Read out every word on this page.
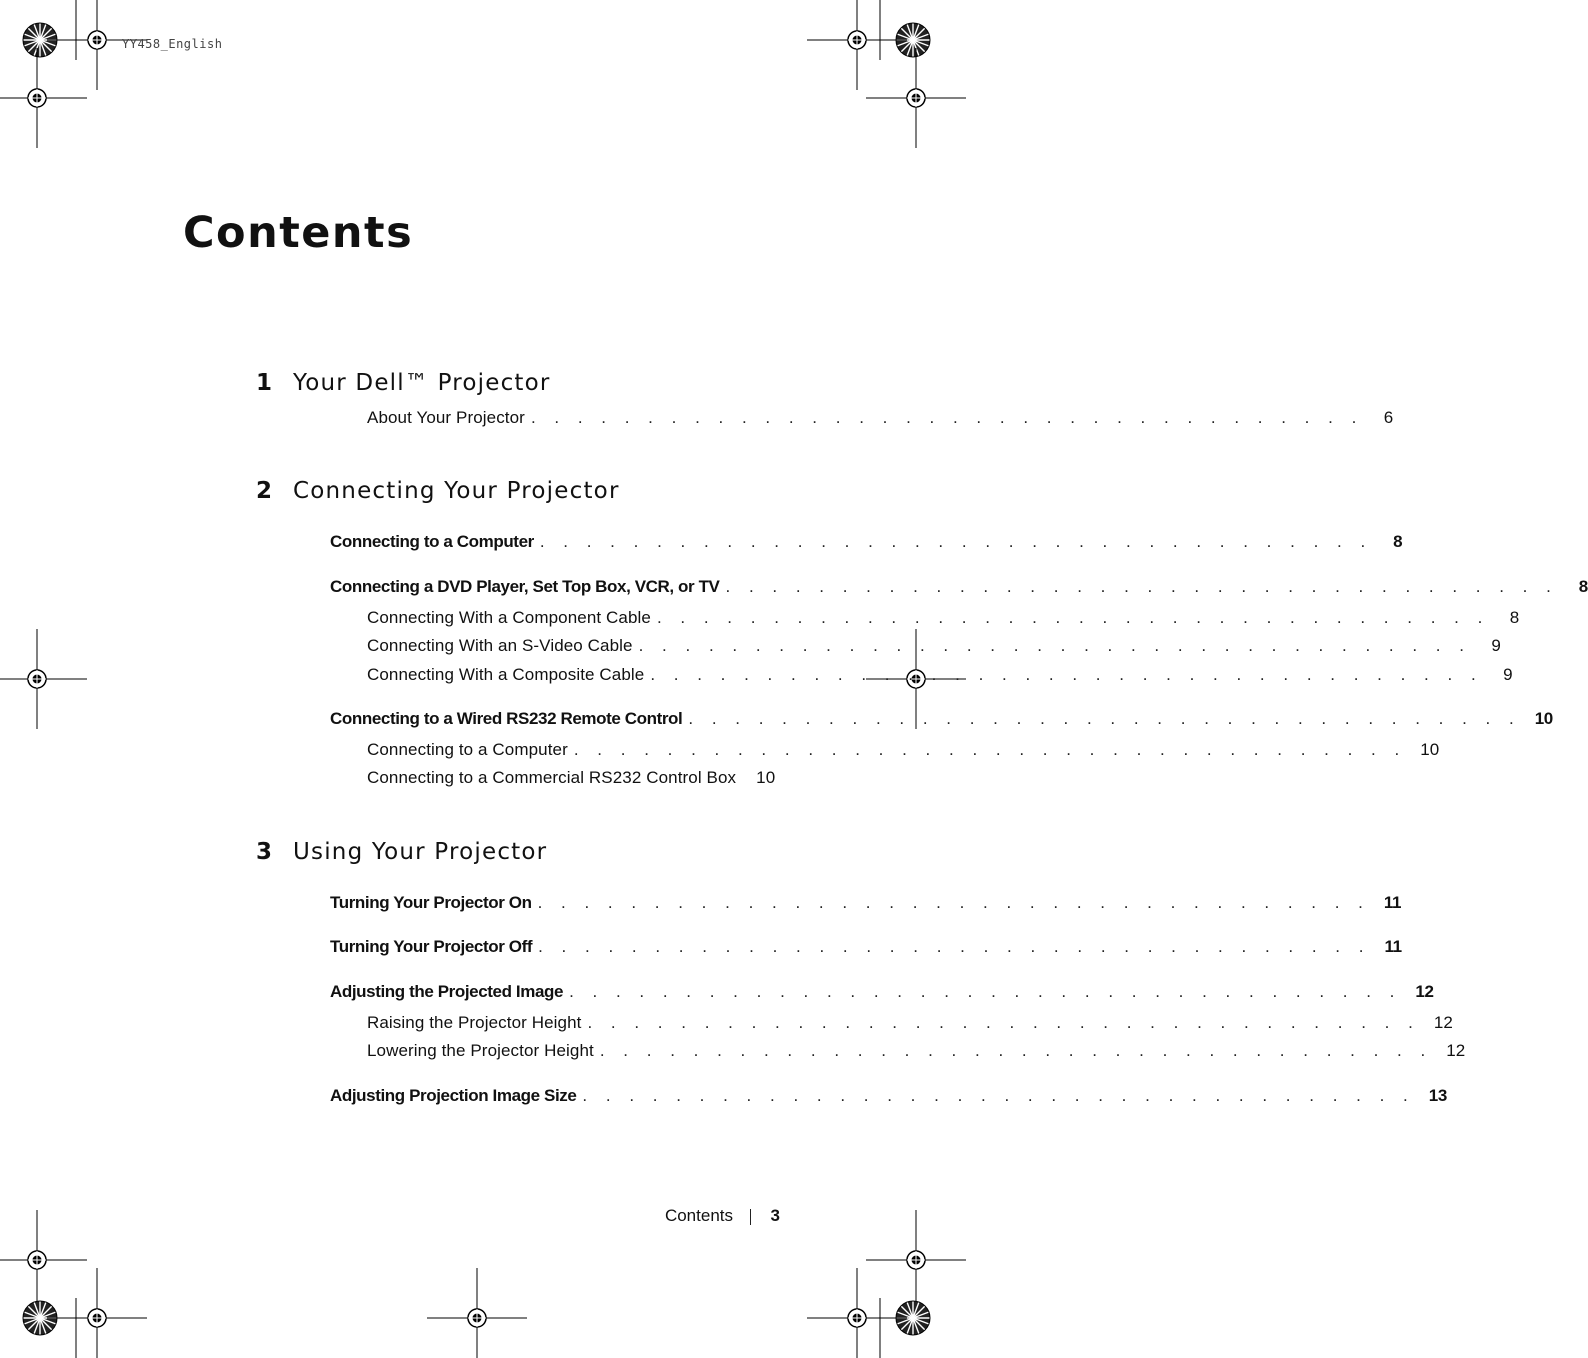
YY458_English
Contents
1 Your Dell™ Projector
About Your Projector . . . . . . . . . . . . . . . . . . . . . . . . . . . . . . . . . . . .	6
2 Connecting Your Projector
Connecting to a Computer . . . . . . . . . . . . . . . . . . . . . . . . . . . . . . . . . . . .	8
Connecting a DVD Player, Set Top Box, VCR, or TV . . . . . . . . . . . . . . . . . . . . . . . . . . . . . . . . . . . .	8
Connecting With a Component Cable . . . . . . . . . . . . . . . . . . . . . . . . . . . . . . . . . . . .	8
Connecting With an S-Video Cable . . . . . . . . . . . . . . . . . . . . . . . . . . . . . . . . . . . .	9
Connecting With a Composite Cable . . . . . . . . . . . . . . . . . . . . . . . . . . . . . . . . . . . .	9
Connecting to a Wired RS232 Remote Control . . . . . . . . . . . . . . . . . . . . . . . . . . . . . . . . . . . . 10
Connecting to a Computer . . . . . . . . . . . . . . . . . . . . . . . . . . . . . . . . . . . . 10
Connecting to a Commercial RS232 Control Box 10
3 Using Your Projector
Turning Your Projector On . . . . . . . . . . . . . . . . . . . . . . . . . . . . . . . . . . . . 11
Turning Your Projector Off . . . . . . . . . . . . . . . . . . . . . . . . . . . . . . . . . . . . 11
Adjusting the Projected Image . . . . . . . . . . . . . . . . . . . . . . . . . . . . . . . . . . . . 12
Raising the Projector Height . . . . . . . . . . . . . . . . . . . . . . . . . . . . . . . . . . . . 12
Lowering the Projector Height . . . . . . . . . . . . . . . . . . . . . . . . . . . . . . . . . . . . 12
Adjusting Projection Image Size . . . . . . . . . . . . . . . . . . . . . . . . . . . . . . . . . . . . 13
Contents 3
